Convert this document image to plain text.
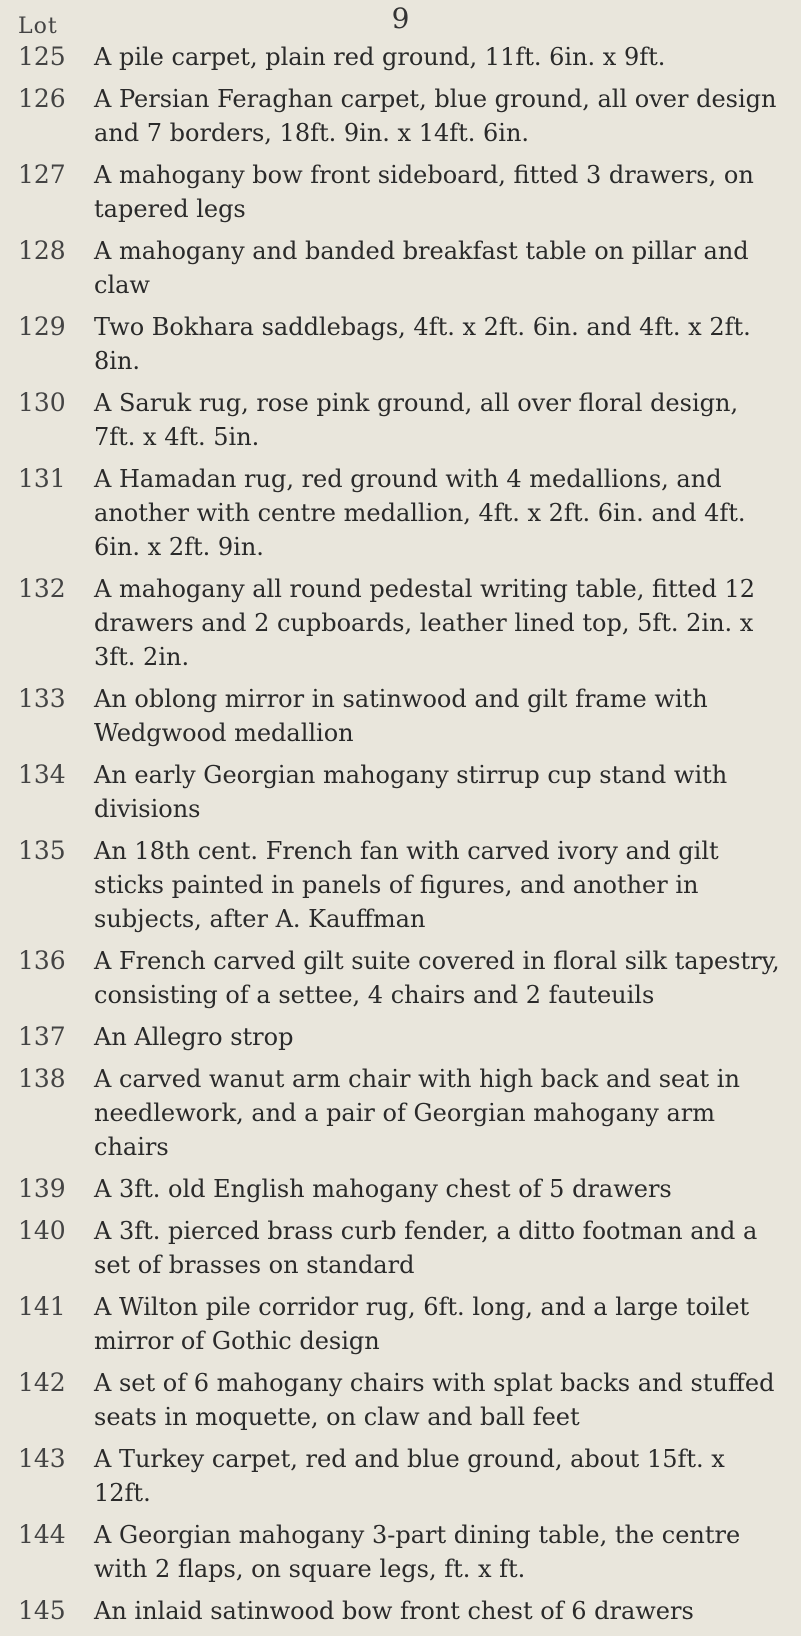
9
Lot
125	A pile carpet, plain red ground, 11ft. 6in. x 9ft.
126	A Persian Feraghan carpet, blue ground, all over design and 7 borders, 18ft. 9in. x 14ft. 6in.
127	A mahogany bow front sideboard, fitted 3 drawers, on tapered legs
128	A mahogany and banded breakfast table on pillar and claw
129	Two Bokhara saddlebags, 4ft. x 2ft. 6in. and 4ft. x 2ft. 8in.
130	A Saruk rug, rose pink ground, all over floral design, 7ft. x 4ft. 5in.
131	A Hamadan rug, red ground with 4 medallions, and another with centre medallion, 4ft. x 2ft. 6in. and 4ft. 6in. x 2ft. 9in.
132	A mahogany all round pedestal writing table, fitted 12 drawers and 2 cupboards, leather lined top, 5ft. 2in. x 3ft. 2in.
133	An oblong mirror in satinwood and gilt frame with Wedgwood medallion
134	An early Georgian mahogany stirrup cup stand with divisions
135	An 18th cent. French fan with carved ivory and gilt sticks painted in panels of figures, and another in subjects, after A. Kauffman
136	A French carved gilt suite covered in floral silk tapestry, consisting of a settee, 4 chairs and 2 fauteuils
137	An Allegro strop
138	A carved wanut arm chair with high back and seat in needlework, and a pair of Georgian mahogany arm chairs
139	A 3ft. old English mahogany chest of 5 drawers
140	A 3ft. pierced brass curb fender, a ditto footman and a set of brasses on standard
141	A Wilton pile corridor rug, 6ft. long, and a large toilet mirror of Gothic design
142	A set of 6 mahogany chairs with splat backs and stuffed seats in moquette, on claw and ball feet
143	A Turkey carpet, red and blue ground, about 15ft. x 12ft.
144	A Georgian mahogany 3-part dining table, the centre with 2 flaps, on square legs, ft. x ft.
145	An inlaid satinwood bow front chest of 6 drawers
